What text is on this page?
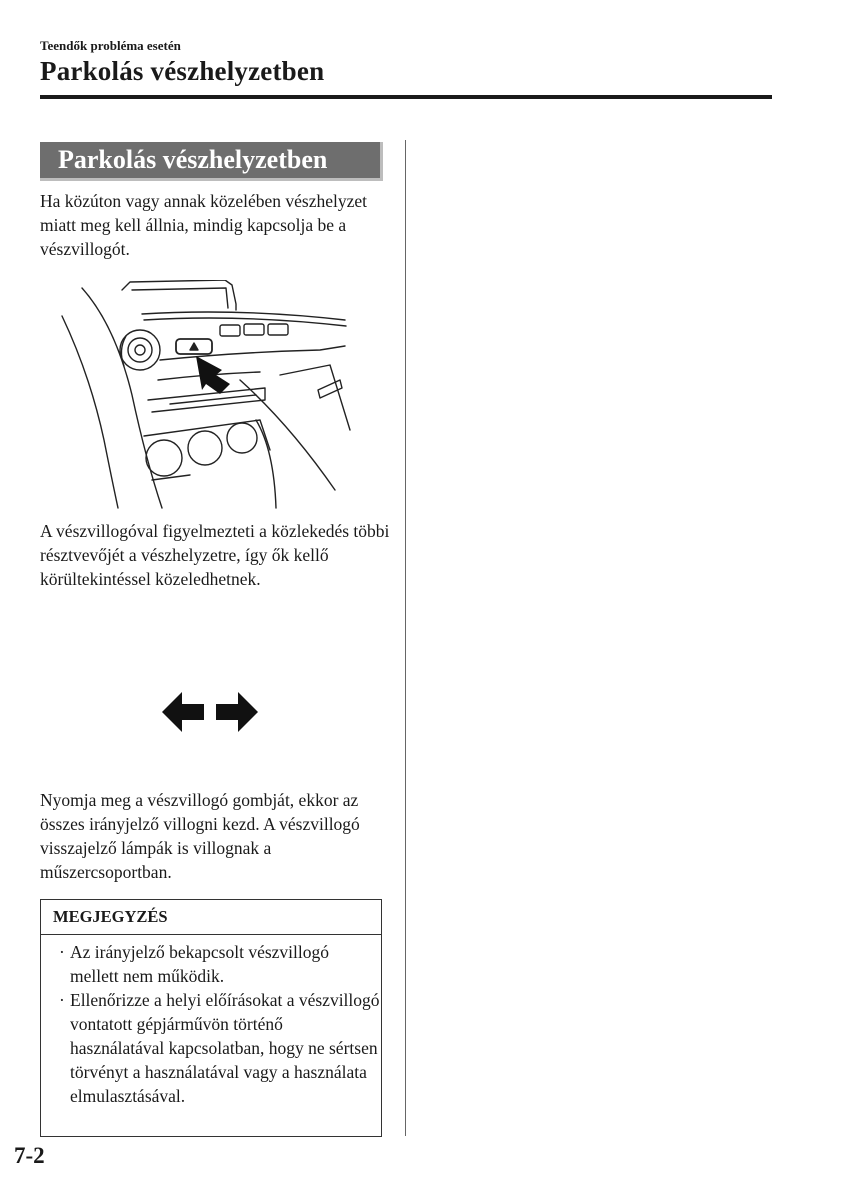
Teendők probléma esetén
Parkolás vészhelyzetben
Parkolás vészhelyzetben

Ha közúton vagy annak közelében vészhelyzet miatt meg kell állnia, mindig kapcsolja be a vészvillogót.

A vészvillogóval figyelmezteti a közlekedés többi résztvevőjét a vészhelyzetre, így ők kellő körültekintéssel közeledhetnek.

Nyomja meg a vészvillogó gombját, ekkor az összes irányjelző villogni kezd. A vészvillogó visszajelző lámpák is villognak a műszercsoportban.

MEGJEGYZÉS
· Az irányjelző bekapcsolt vészvillogó mellett nem működik.
· Ellenőrizze a helyi előírásokat a vészvillogó vontatott gépjárművön történő használatával kapcsolatban, hogy ne sértsen törvényt a használatával vagy a használata elmulasztásával.
7-2
